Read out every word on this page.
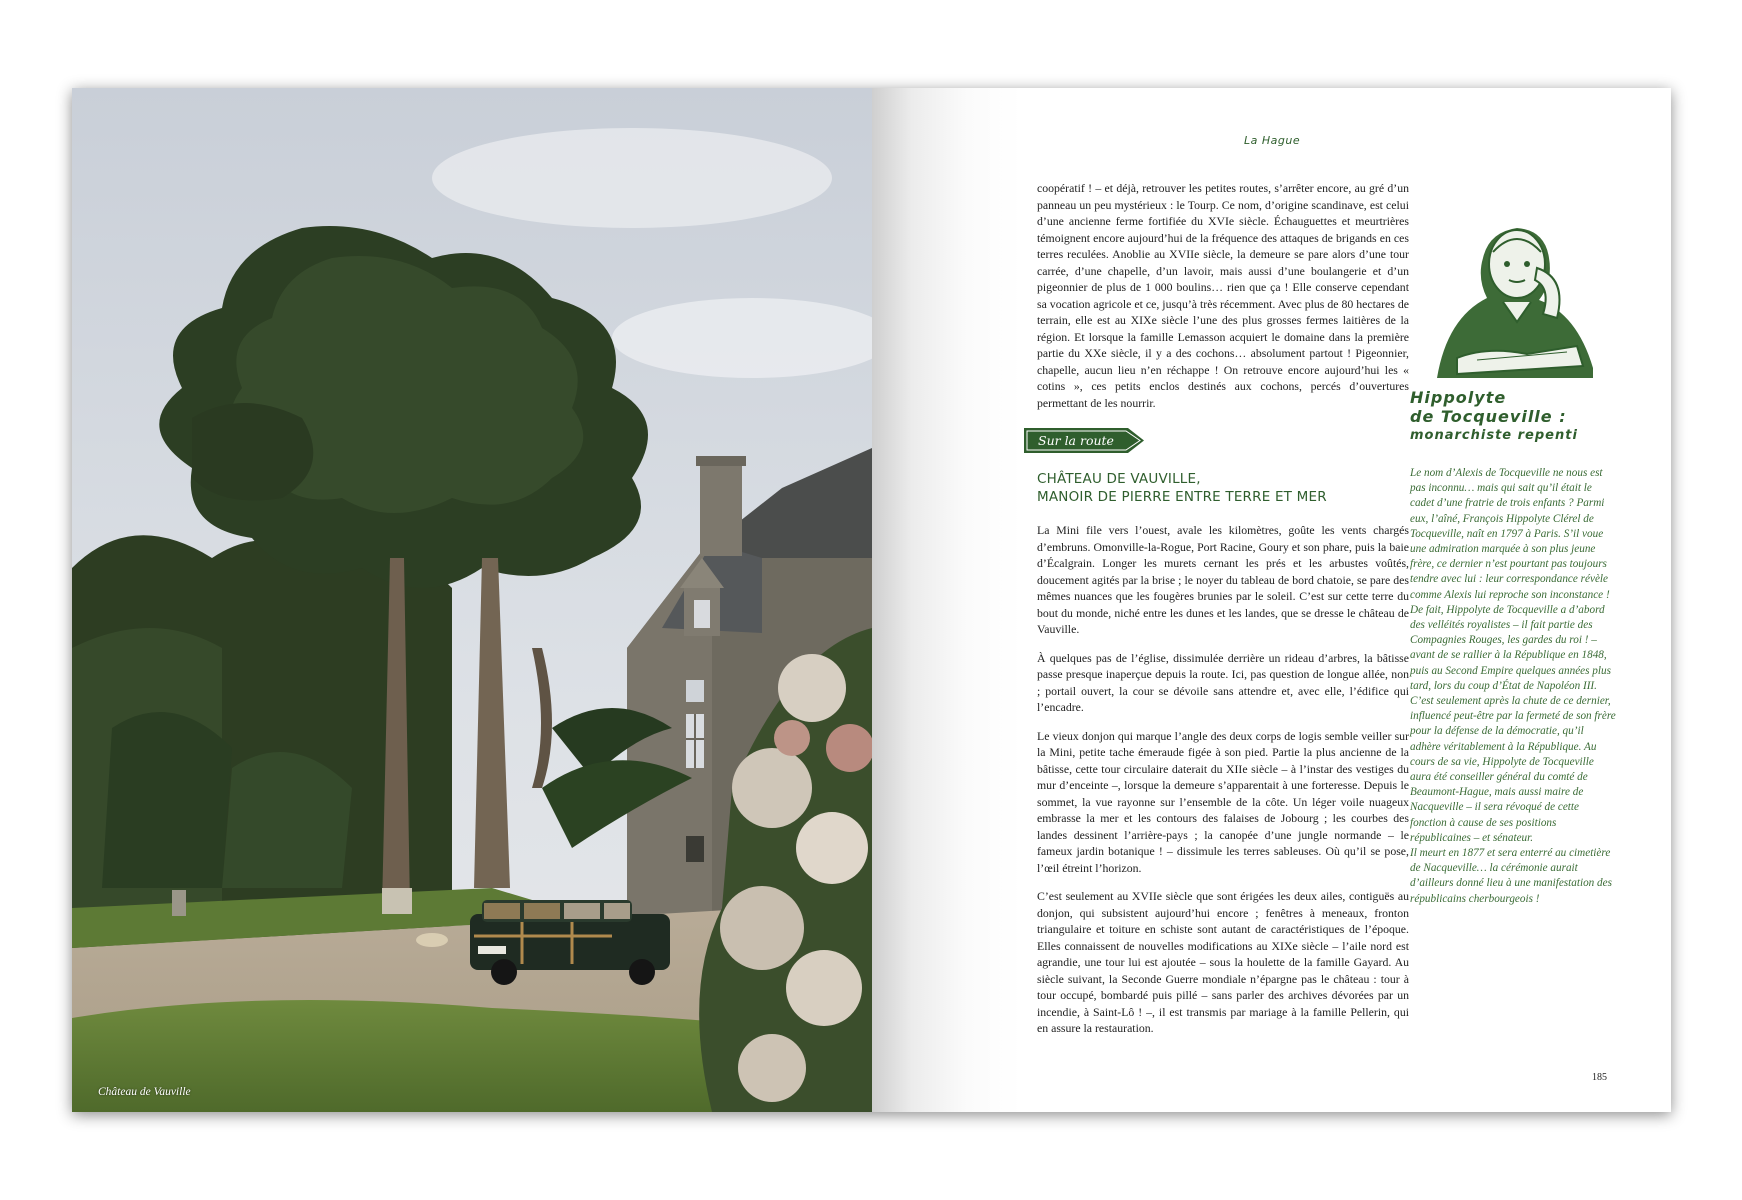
Château de Vauville
La Hague

coopératif ! – et déjà, retrouver les petites routes, s’arrêter encore, au gré d’un panneau un peu mystérieux : le Tourp. Ce nom, d’origine scandinave, est celui d’une ancienne ferme fortifiée du XVIe siècle. Échauguettes et meurtrières témoignent encore aujourd’hui de la fréquence des attaques de brigands en ces terres reculées. Anoblie au XVIIe siècle, la demeure se pare alors d’une tour carrée, d’une chapelle, d’un lavoir, mais aussi d’une boulangerie et d’un pigeonnier de plus de 1 000 boulins… rien que ça ! Elle conserve cependant sa vocation agricole et ce, jusqu’à très récemment. Avec plus de 80 hectares de terrain, elle est au XIXe siècle l’une des plus grosses fermes laitières de la région. Et lorsque la famille Lemasson acquiert le domaine dans la première partie du XXe siècle, il y a des cochons… absolument partout ! Pigeonnier, chapelle, aucun lieu n’en réchappe ! On retrouve encore aujourd’hui les « cotins », ces petits enclos destinés aux cochons, percés d’ouvertures permettant de les nourrir.

Sur la route
CHÂTEAU DE VAUVILLE,
MANOIR DE PIERRE ENTRE TERRE ET MER

La Mini file vers l’ouest, avale les kilomètres, goûte les vents chargés d’embruns. Omonville-la-Rogue, Port Racine, Goury et son phare, puis la baie d’Écalgrain. Longer les murets cernant les prés et les arbustes voûtés, doucement agités par la brise ; le noyer du tableau de bord chatoie, se pare des mêmes nuances que les fougères brunies par le soleil. C’est sur cette terre du bout du monde, niché entre les dunes et les landes, que se dresse le château de Vauville.

À quelques pas de l’église, dissimulée derrière un rideau d’arbres, la bâtisse passe presque inaperçue depuis la route. Ici, pas question de longue allée, non ; portail ouvert, la cour se dévoile sans attendre et, avec elle, l’édifice qui l’encadre.

Le vieux donjon qui marque l’angle des deux corps de logis semble veiller sur la Mini, petite tache émeraude figée à son pied. Partie la plus ancienne de la bâtisse, cette tour circulaire daterait du XIIe siècle – à l’instar des vestiges du mur d’enceinte –, lorsque la demeure s’apparentait à une forteresse. Depuis le sommet, la vue rayonne sur l’ensemble de la côte. Un léger voile nuageux embrasse la mer et les contours des falaises de Jobourg ; les courbes des landes dessinent l’arrière-pays ; la canopée d’une jungle normande – le fameux jardin botanique ! – dissimule les terres sableuses. Où qu’il se pose, l’œil étreint l’horizon.

C’est seulement au XVIIe siècle que sont érigées les deux ailes, contiguës au donjon, qui subsistent aujourd’hui encore ; fenêtres à meneaux, fronton triangulaire et toiture en schiste sont autant de caractéristiques de l’époque. Elles connaissent de nouvelles modifications au XIXe siècle – l’aile nord est agrandie, une tour lui est ajoutée – sous la houlette de la famille Gayard. Au siècle suivant, la Seconde Guerre mondiale n’épargne pas le château : tour à tour occupé, bombardé puis pillé – sans parler des archives dévorées par un incendie, à Saint-Lô ! –, il est transmis par mariage à la famille Pellerin, qui en assure la restauration.

Hippolyte
de Tocqueville :
monarchiste repenti

Le nom d’Alexis de Tocqueville ne nous est pas inconnu… mais qui sait qu’il était le cadet d’une fratrie de trois enfants ? Parmi eux, l’aîné, François Hippolyte Clérel de Tocqueville, naît en 1797 à Paris. S’il voue une admiration marquée à son plus jeune frère, ce dernier n’est pourtant pas toujours tendre avec lui : leur correspondance révèle comme Alexis lui reproche son inconstance ! De fait, Hippolyte de Tocqueville a d’abord des velléités royalistes – il fait partie des Compagnies Rouges, les gardes du roi ! – avant de se rallier à la République en 1848, puis au Second Empire quelques années plus tard, lors du coup d’État de Napoléon III.

C’est seulement après la chute de ce dernier, influencé peut-être par la fermeté de son frère pour la défense de la démocratie, qu’il adhère véritablement à la République. Au cours de sa vie, Hippolyte de Tocqueville aura été conseiller général du comté de Beaumont-Hague, mais aussi maire de Nacqueville – il sera révoqué de cette fonction à cause de ses positions républicaines – et sénateur.

Il meurt en 1877 et sera enterré au cimetière de Nacqueville… la cérémonie aurait d’ailleurs donné lieu à une manifestation des républicains cherbourgeois !

185
